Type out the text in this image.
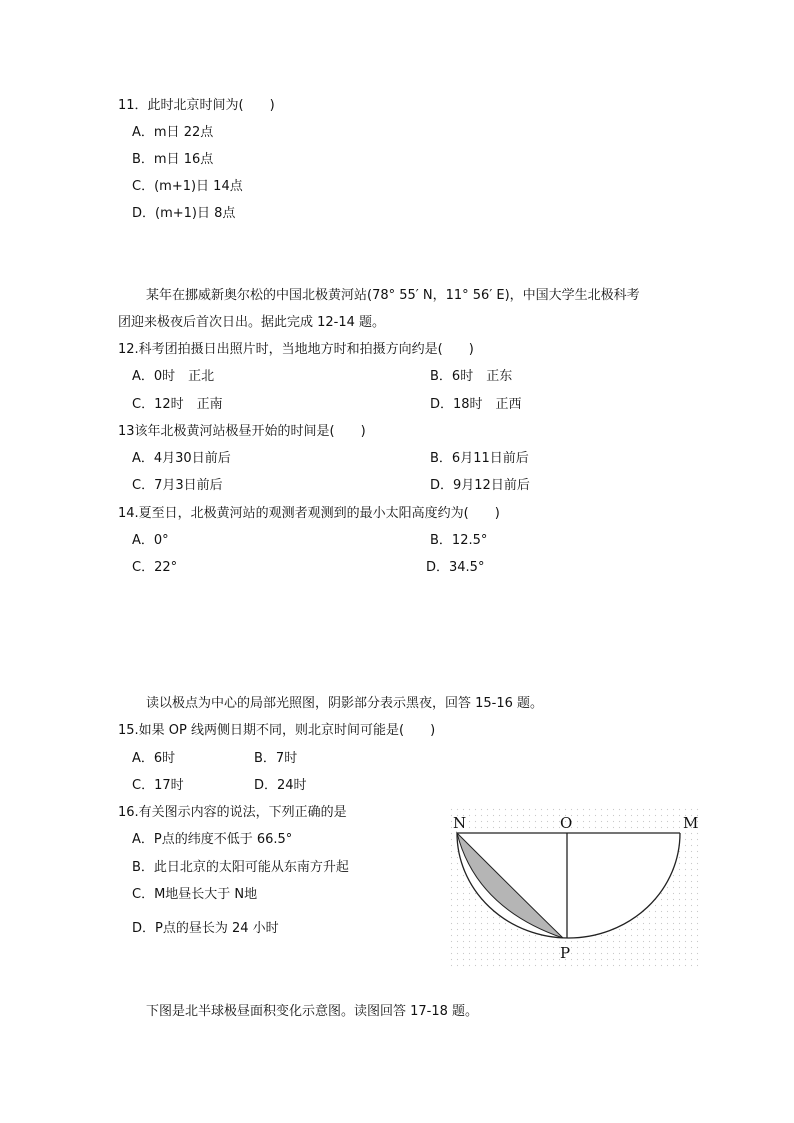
11．此时北京时间为(　　)
A．m日 22点
B．m日 16点
C．(m+1)日 14点
D．(m+1)日 8点
某年在挪威新奥尔松的中国北极黄河站(78° 55′ N，11° 56′ E)，中国大学生北极科考
团迎来极夜后首次日出。据此完成 12-14 题。
12.科考团拍摄日出照片时，当地地方时和拍摄方向约是(　　)
A．0时　正北	B．6时　正东
C．12时　正南	D．18时　正西
13该年北极黄河站极昼开始的时间是(　　)
A．4月30日前后	B．6月11日前后
C．7月3日前后	D．9月12日前后
14.夏至日，北极黄河站的观测者观测到的最小太阳高度约为(　　)
A．0°	B．12.5°
C．22°	D．34.5°
读以极点为中心的局部光照图，阴影部分表示黑夜，回答 15-16 题。
15.如果 OP 线两侧日期不同，则北京时间可能是(　　)
A．6时	B．7时
C．17时	D．24时
16.有关图示内容的说法，下列正确的是
A．P点的纬度不低于 66.5°
B．此日北京的太阳可能从东南方升起
C．M地昼长大于 N地
D．P点的昼长为 24 小时
N	O	M
P
下图是北半球极昼面积变化示意图。读图回答 17-18 题。
